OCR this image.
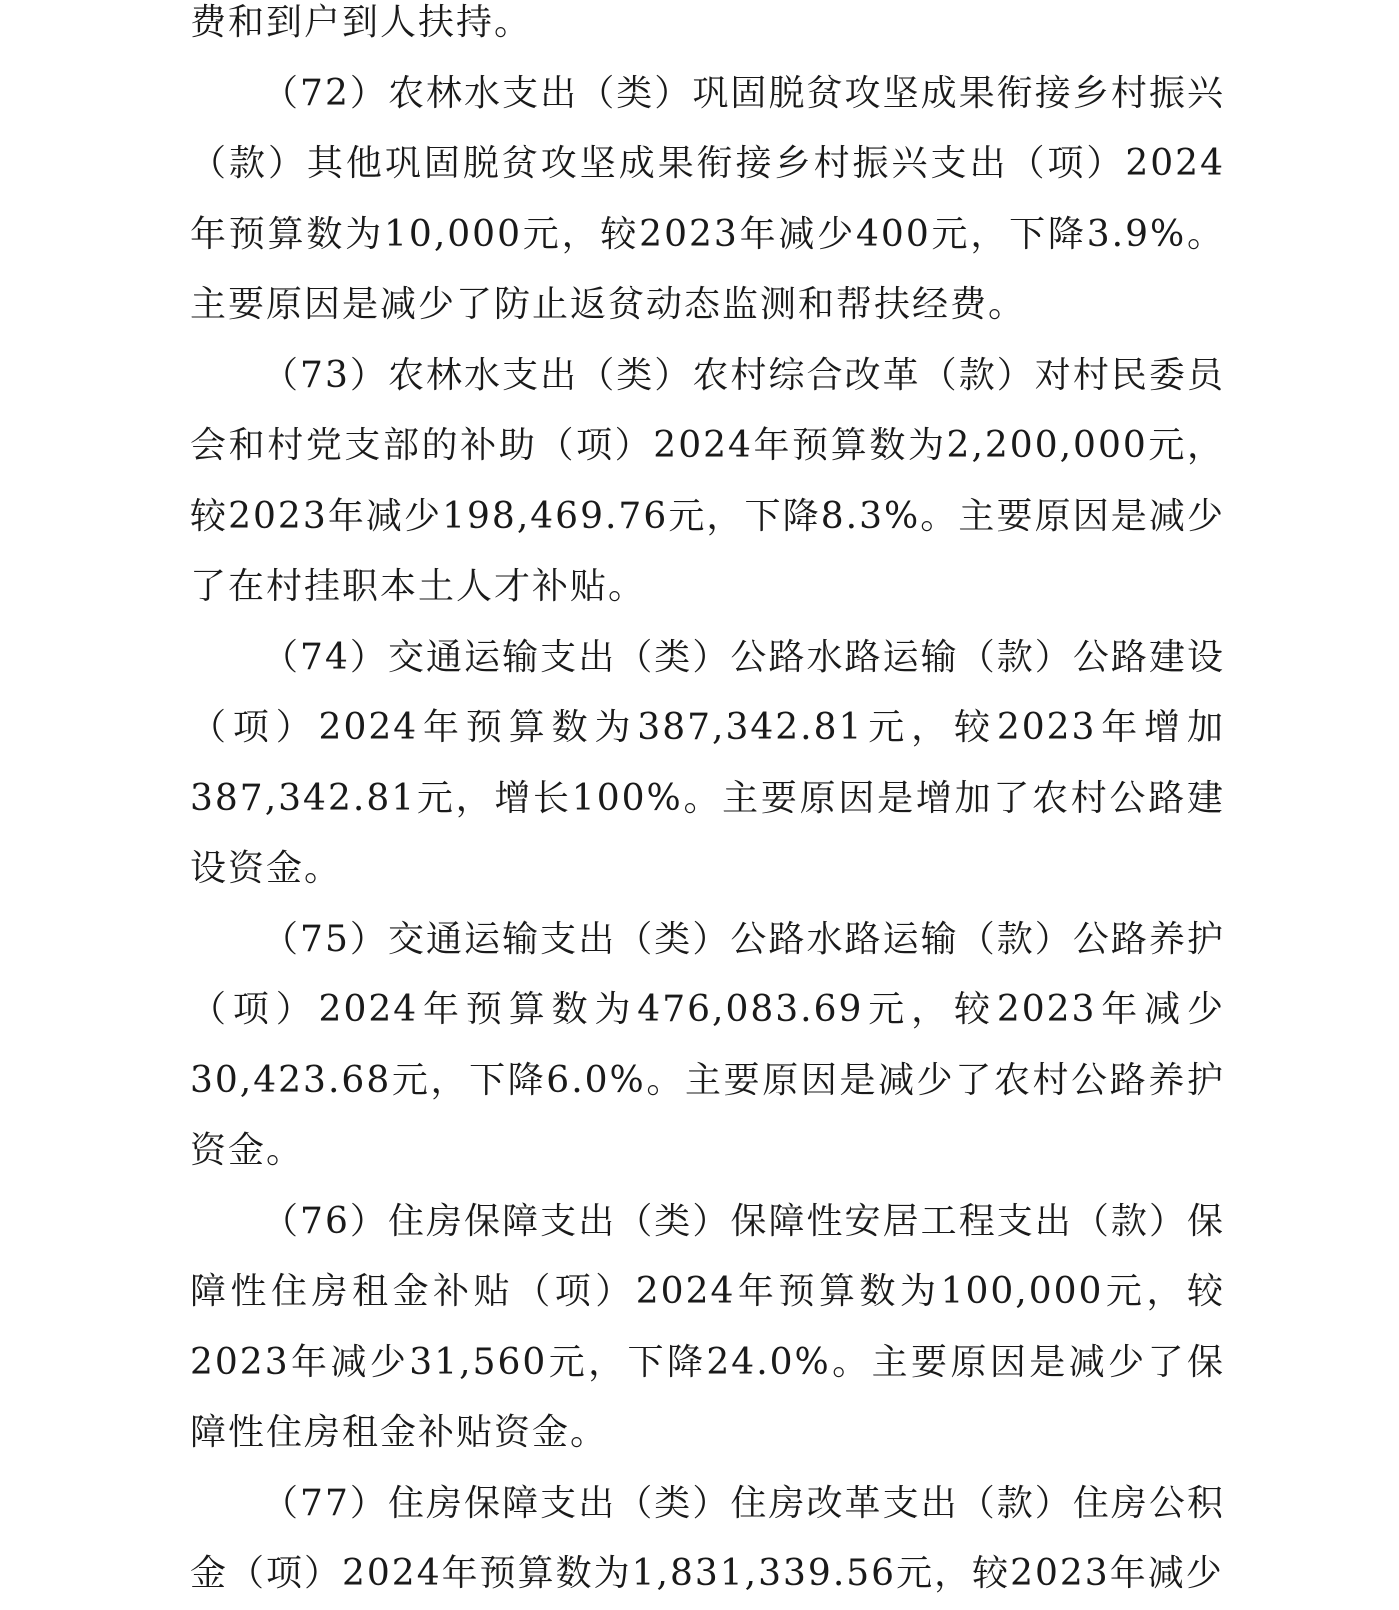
费和到户到人扶持。

（72）农林水支出（类）巩固脱贫攻坚成果衔接乡村振兴（款）其他巩固脱贫攻坚成果衔接乡村振兴支出（项）2024年预算数为10,000元，较2023年减少400元，下降3.9%。主要原因是减少了防止返贫动态监测和帮扶经费。

（73）农林水支出（类）农村综合改革（款）对村民委员会和村党支部的补助（项）2024年预算数为2,200,000元，较2023年减少198,469.76元，下降8.3%。主要原因是减少了在村挂职本土人才补贴。

（74）交通运输支出（类）公路水路运输（款）公路建设（项）2024年预算数为387,342.81元，较2023年增加387,342.81元，增长100%。主要原因是增加了农村公路建设资金。

（75）交通运输支出（类）公路水路运输（款）公路养护（项）2024年预算数为476,083.69元，较2023年减少30,423.68元，下降6.0%。主要原因是减少了农村公路养护资金。

（76）住房保障支出（类）保障性安居工程支出（款）保障性住房租金补贴（项）2024年预算数为100,000元，较2023年减少31,560元，下降24.0%。主要原因是减少了保障性住房租金补贴资金。

（77）住房保障支出（类）住房改革支出（款）住房公积金（项）2024年预算数为1,831,339.56元，较2023年减少
